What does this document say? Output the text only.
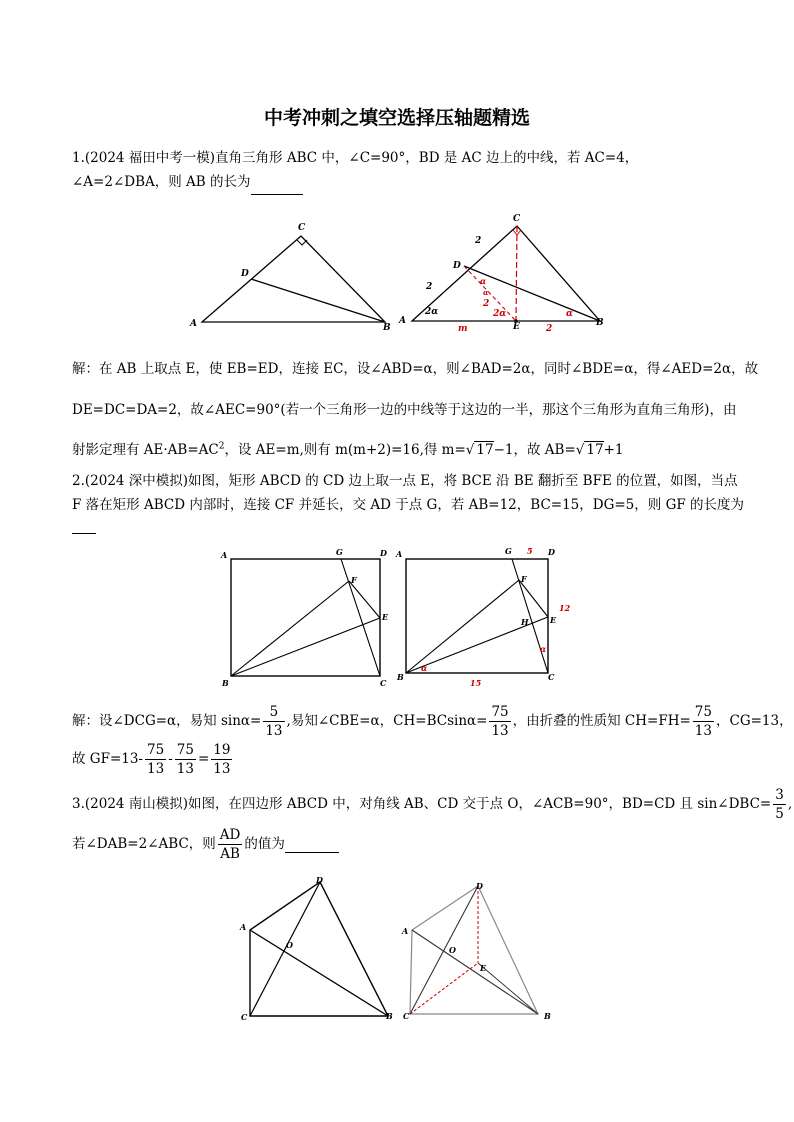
中考冲刺之填空选择压轴题精选
1.(2024 福田中考一模)直角三角形 ABC 中，∠C=90°，BD 是 AC 边上的中线，若 AC=4，∠A=2∠DBA，则 AB 的长为
C
D
A	B
C
D
A	B
E
2
2
2
2α	2α
α
α
m	2
α
解：在 AB 上取点 E，使 EB=ED，连接 EC，设∠ABD=α，则∠BAD=2α，同时∠BDE=α，得∠AED=2α，故
DE=DC=DA=2，故∠AEC=90°(若一个三角形一边的中线等于这边的一半，那这个三角形为直角三角形)，由
射影定理有 $AE\cdot AB=AC^2$，设 AE=m,则有 m(m+2)=16,得 m=√ 17−1，故 AB=√ 17+1
2.(2024 深中模拟)如图，矩形 ABCD 的 CD 边上取一点 E，将 BCE 沿 BE 翻折至 BFE 的位置，如图，当点
F 落在矩形 ABCD 内部时，连接 CF 并延长，交 AD 于点 G，若 AB=12，BC=15，DG=5，则 GF 的长度为

A	G	D
F
E
B	C
A	G	D
F
H	E
B	C
5
12
15
α
α
解：设∠DCG=α，易知 $\sin\alpha= \frac{5}{13}$ ,易知∠CBE=α，$CH=BCsin\alpha= \frac{75}{13}$ ，由折叠的性质知 $CH=FH= \frac{75}{13}$ ，CG=13，
故 $GF=13- \frac{75}{13} - \frac{75}{13} = \frac{19}{13}$
3.(2024 南山模拟)如图，在四边形 ABCD 中，对角线 AB、CD 交于点 O，∠ACB=90°，BD=CD 且 sin∠DBC= $\frac{3}{5}$ ,
若∠DAB=2∠ABC，则 $\frac{AD}{AB}$ 的值为
D
A
O
C	B
D
A
O
E
C	B
